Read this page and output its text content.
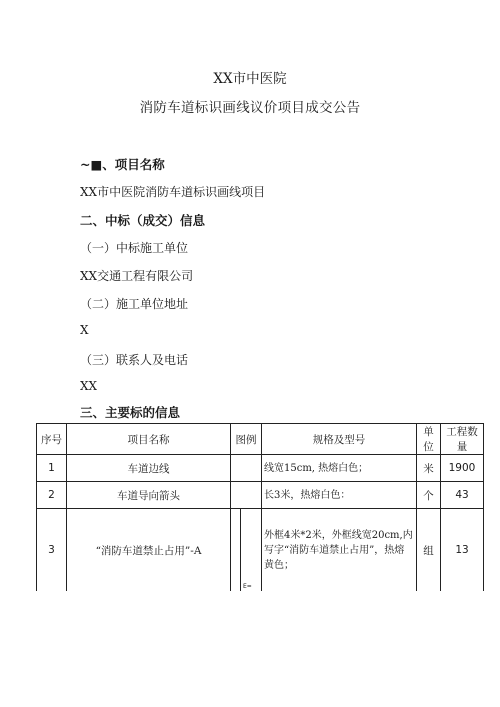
XX市中医院
消防车道标识画线议价项目成交公告
~■、项目名称
XX市中医院消防车道标识画线项目
二、中标（成交）信息
（一）中标施工单位
XX交通工程有限公司
（二）施工单位地址
X
（三）联系人及电话
XX
三、主要标的信息
序号	项目名称	图例	规格及型号	单位	工程数量
1	车道边线		线宽15cm, 热熔白色；	米	1900
2	车道导向箭头		长3米，热熔白色：	个	43
3	“消防车道禁止占用”-A	E=	外框4米*2米，外框线宽20cm,内写字“消防车道禁止占用”，热熔黄色；	组	13
